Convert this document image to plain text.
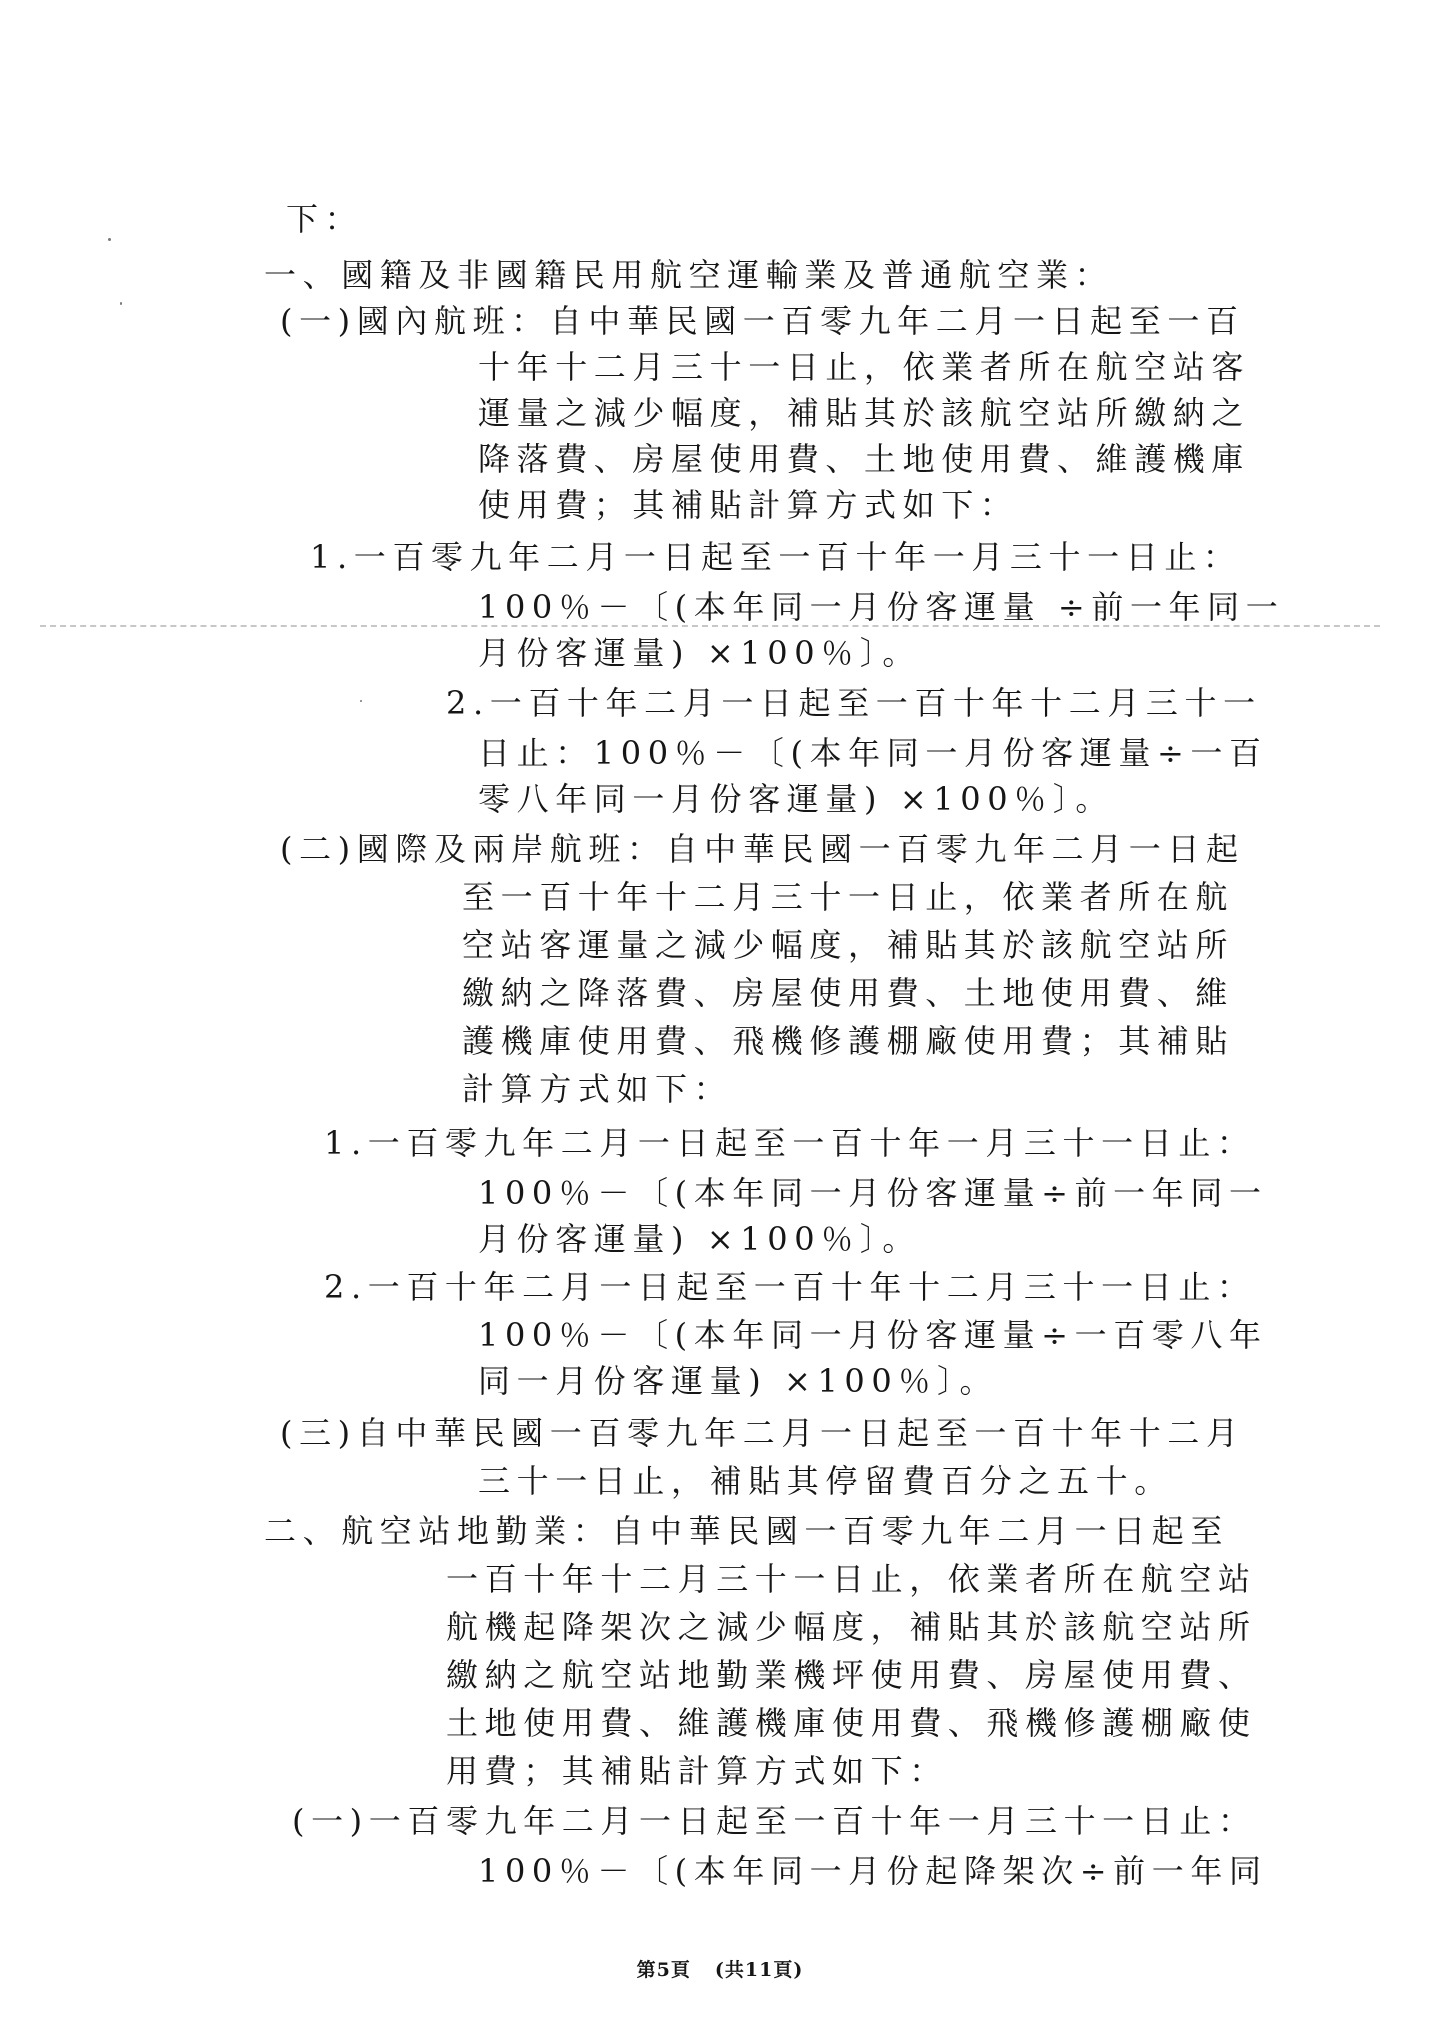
下：
一、國籍及非國籍民用航空運輸業及普通航空業：
(一)國內航班：自中華民國一百零九年二月一日起至一百
十年十二月三十一日止，依業者所在航空站客
運量之減少幅度，補貼其於該航空站所繳納之
降落費、房屋使用費、土地使用費、維護機庫
使用費；其補貼計算方式如下：
1.一百零九年二月一日起至一百十年一月三十一日止：
100％－〔(本年同一月份客運量 ÷前一年同一
月份客運量) ×100％〕。
2.一百十年二月一日起至一百十年十二月三十一
日止：100％－〔(本年同一月份客運量÷一百
零八年同一月份客運量) ×100％〕。
(二)國際及兩岸航班：自中華民國一百零九年二月一日起
至一百十年十二月三十一日止，依業者所在航
空站客運量之減少幅度，補貼其於該航空站所
繳納之降落費、房屋使用費、土地使用費、維
護機庫使用費、飛機修護棚廠使用費；其補貼
計算方式如下：
1.一百零九年二月一日起至一百十年一月三十一日止：
100％－〔(本年同一月份客運量÷前一年同一
月份客運量) ×100％〕。
2.一百十年二月一日起至一百十年十二月三十一日止：
100％－〔(本年同一月份客運量÷一百零八年
同一月份客運量) ×100％〕。
(三)自中華民國一百零九年二月一日起至一百十年十二月
三十一日止，補貼其停留費百分之五十。
二、航空站地勤業：自中華民國一百零九年二月一日起至
一百十年十二月三十一日止，依業者所在航空站
航機起降架次之減少幅度，補貼其於該航空站所
繳納之航空站地勤業機坪使用費、房屋使用費、
土地使用費、維護機庫使用費、飛機修護棚廠使
用費；其補貼計算方式如下：
(一)一百零九年二月一日起至一百十年一月三十一日止：
100％－〔(本年同一月份起降架次÷前一年同
第5頁 (共11頁)
